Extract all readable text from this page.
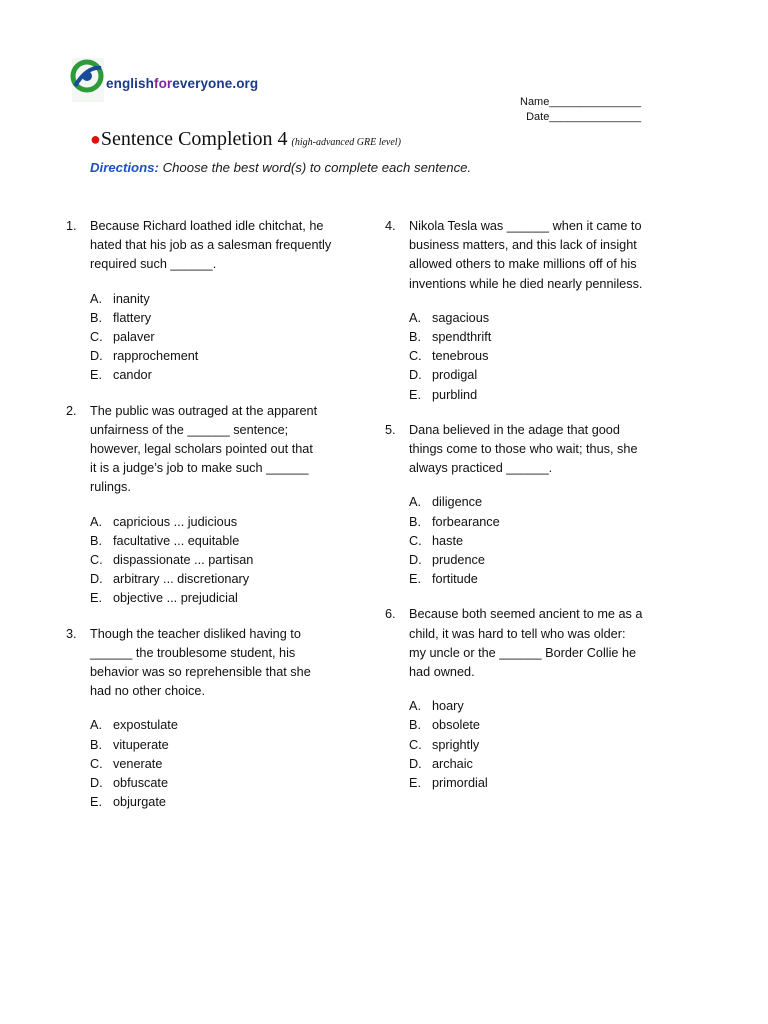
englishforeveryone.org
Name_______________
Date_______________
●Sentence Completion 4 (high-advanced GRE level)
Directions: Choose the best word(s) to complete each sentence.
1. Because Richard loathed idle chitchat, he
hated that his job as a salesman frequently
required such ______.
A. inanity
B. flattery
C. palaver
D. rapprochement
E. candor
2. The public was outraged at the apparent
unfairness of the ______ sentence;
however, legal scholars pointed out that
it is a judge’s job to make such ______
rulings.
A. capricious ... judicious
B. facultative ... equitable
C. dispassionate ... partisan
D. arbitrary ... discretionary
E. objective ... prejudicial
3. Though the teacher disliked having to
______ the troublesome student, his
behavior was so reprehensible that she
had no other choice.
A. expostulate
B. vituperate
C. venerate
D. obfuscate
E. objurgate
4. Nikola Tesla was ______ when it came to
business matters, and this lack of insight
allowed others to make millions off of his
inventions while he died nearly penniless.
A. sagacious
B. spendthrift
C. tenebrous
D. prodigal
E. purblind
5. Dana believed in the adage that good
things come to those who wait; thus, she
always practiced ______.
A. diligence
B. forbearance
C. haste
D. prudence
E. fortitude
6. Because both seemed ancient to me as a
child, it was hard to tell who was older:
my uncle or the ______ Border Collie he
had owned.
A. hoary
B. obsolete
C. sprightly
D. archaic
E. primordial
